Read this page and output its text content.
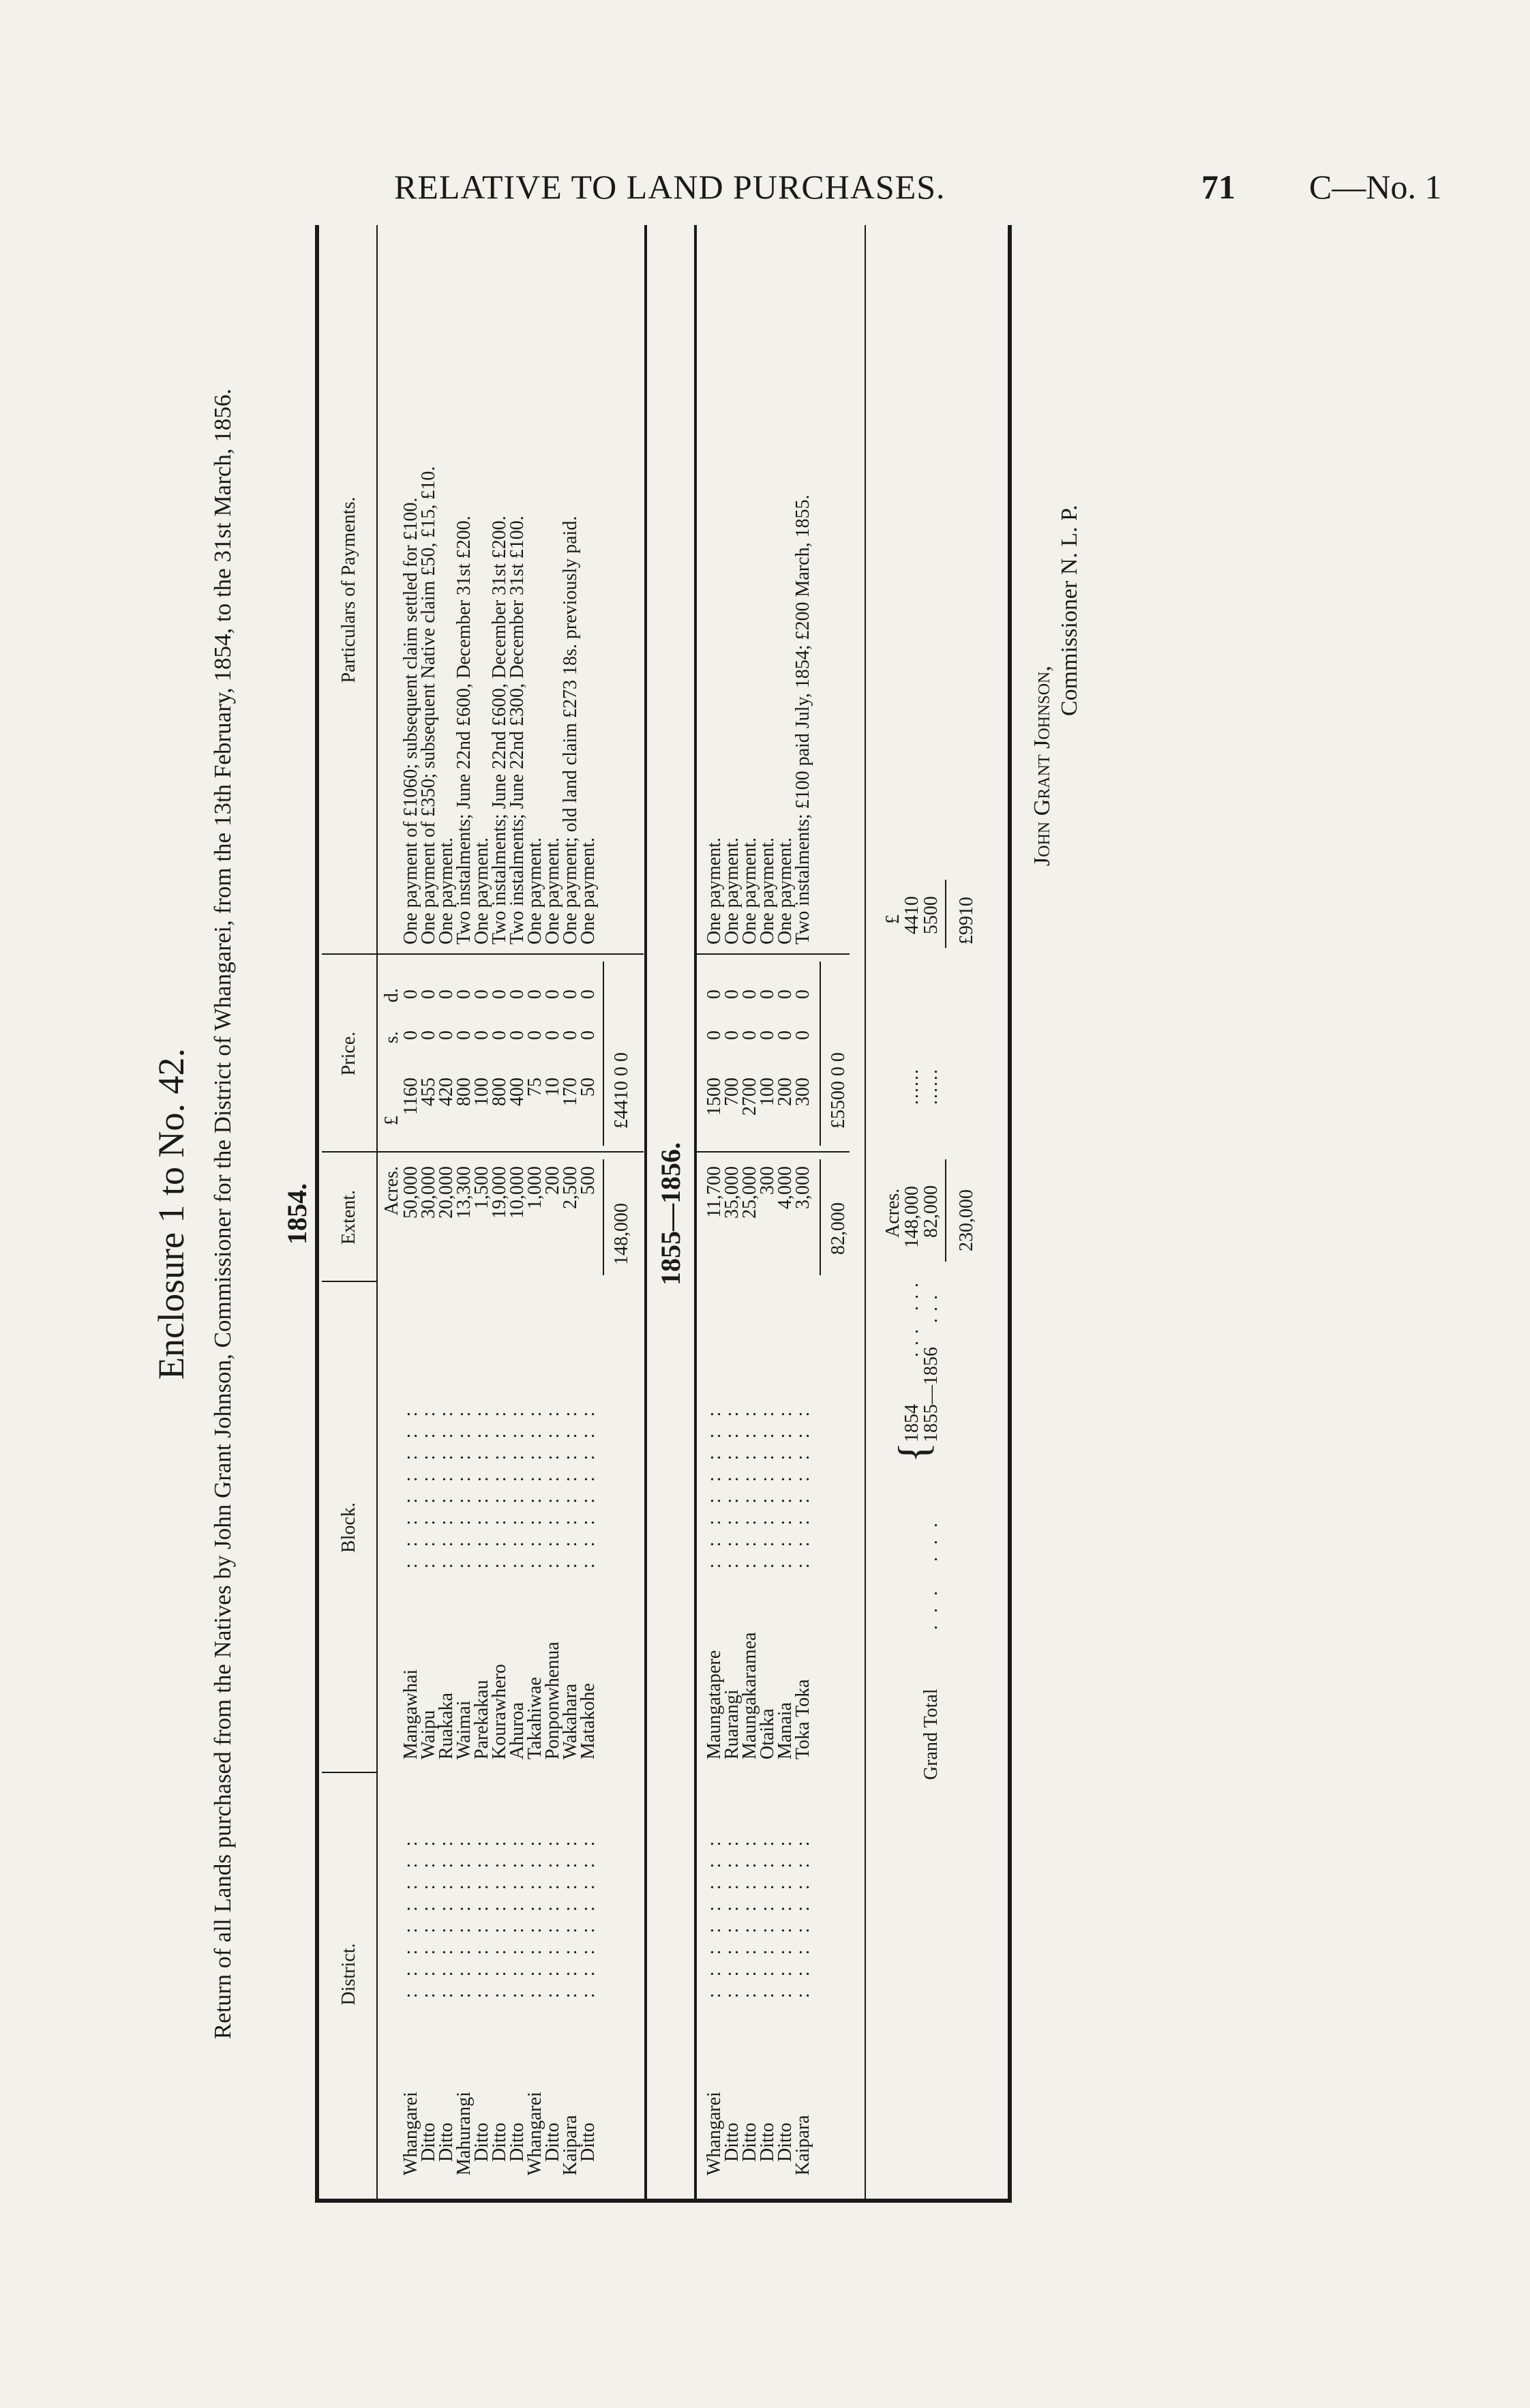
RELATIVE TO LAND PURCHASES.	71 C—No. 1
Enclosure 1 to No. 42. Return of all Lands purchased from the Natives by John Grant Johnson, Commissioner for the District of Whangarei, from the 13th February, 1854, to the 31st March, 1856. 1854.
District.
Block.
Extent.
Price.
Particulars of Payments.
Acres.
£
s.
d.
Whangarei
::::::::
Mangawhai
::::::::
50,000
1160
0
0
One payment of £1060; subsequent claim settled for £100.
Ditto
::::::::
Waipu
::::::::
30,000
455
0
0
One payment of £350; subsequent Native claim £50, £15, £10.
Ditto
::::::::
Ruakaka
::::::::
20,000
420
0
0
One payment.
Mahurangi
::::::::
Waimai
::::::::
13,300
800
0
0
Two instalments; June 22nd £600, December 31st £200.
Ditto
::::::::
Parekakau
::::::::
1,500
100
0
0
One payment.
Ditto
::::::::
Kourawhero
::::::::
19,000
800
0
0
Two instalments; June 22nd £600, December 31st £200.
Ditto
::::::::
Ahuroa
::::::::
10,000
400
0
0
Two instalments; June 22nd £300, December 31st £100.
Whangarei
::::::::
Takahiwae
::::::::
1,000
75
0
0
One payment.
Ditto
::::::::
Ponponwhenua
::::::::
200
10
0
0
One payment.
Kaipara
::::::::
Wakahara
::::::::
2,500
170
0
0
One payment; old land claim £273 18s. previously paid.
Ditto
::::::::
Matakohe
::::::::
500
50
0
0
One payment.
148,000
£4410 0 0
1855—1856.
Whangarei
::::::::
Maungatapere
::::::::
11,700
1500
0
0
One payment.
Ditto
::::::::
Ruarangi
::::::::
35,000
700
0
0
One payment.
Ditto
::::::::
Maungakaramea
::::::::
25,000
2700
0
0
One payment.
Ditto
::::::::
Otaika
::::::::
300
100
0
0
One payment.
Ditto
::::::::
Manaia
::::::::
4,000
200
0
0
One payment.
Kaipara
::::::::
Toka Toka
::::::::
3,000
300
0
0
Two instalments; £100 paid July, 1854; £200 March, 1855.
82,000
£5500 0 0
Grand Total
... ...
{
1854
1855—1856
... ...
...
Acres.
148,000
82,000 230,000
......
......
£
4410
5500 £9910
John Grant Johnson,
Commissioner N. L. P.
